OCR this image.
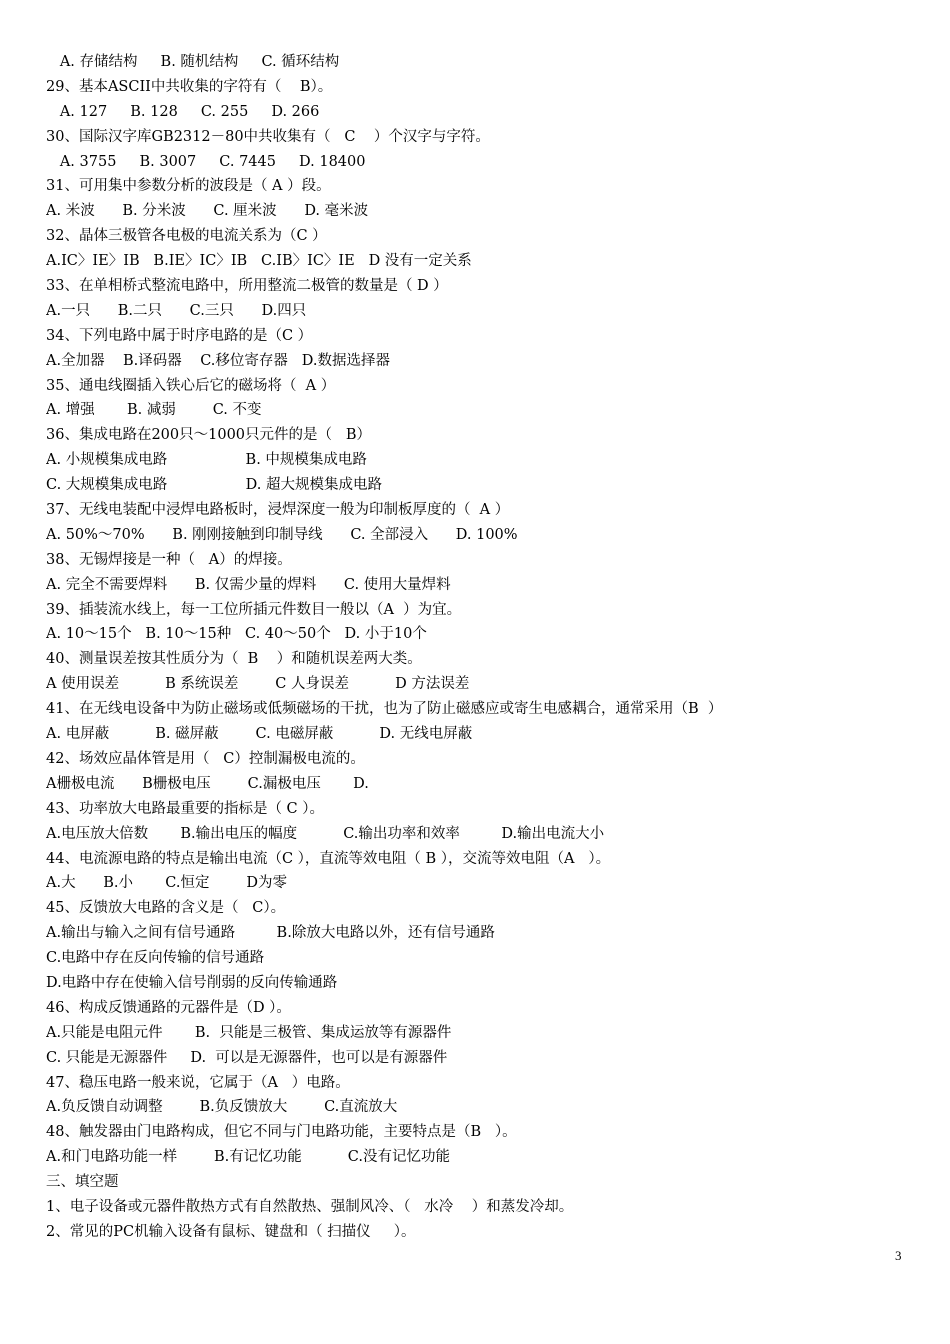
A. 存储结构     B. 随机结构     C. 循环结构
29、基本ASCII中共收集的字符有（    B）。
A. 127     B. 128     C. 255     D. 266
30、国际汉字库GB2312－80中共收集有（   C    ）个汉字与字符。
A. 3755     B. 3007     C. 7445     D. 18400
31、可用集中参数分析的波段是（ A ）段。
A. 米波      B. 分米波      C. 厘米波      D. 毫米波
32、晶体三极管各电极的电流关系为（C ）
A.IC〉IE〉IB   B.IE〉IC〉IB   C.IB〉IC〉IE   D 没有一定关系
33、在单相桥式整流电路中，所用整流二极管的数量是（ D ）
A.一只      B.二只      C.三只      D.四只
34、下列电路中属于时序电路的是（C ）
A.全加器    B.译码器    C.移位寄存器   D.数据选择器
35、通电线圈插入铁心后它的磁场将（  A ）
A. 增强       B. 减弱        C. 不变
36、集成电路在200只～1000只元件的是（   B）
A. 小规模集成电路                 B. 中规模集成电路
C. 大规模集成电路                 D. 超大规模集成电路
37、无线电装配中浸焊电路板时，浸焊深度一般为印制板厚度的（  A ）
A. 50%～70%      B. 刚刚接触到印制导线      C. 全部浸入      D. 100%
38、无锡焊接是一种（   A）的焊接。
A. 完全不需要焊料      B. 仅需少量的焊料      C. 使用大量焊料
39、插装流水线上，每一工位所插元件数目一般以（A  ）为宜。
A. 10～15个   B. 10～15种   C. 40～50个   D. 小于10个
40、测量误差按其性质分为（  B    ）和随机误差两大类。
A 使用误差          B 系统误差        C 人身误差          D 方法误差
41、在无线电设备中为防止磁场或低频磁场的干扰，也为了防止磁感应或寄生电感耦合，通常采用（B  ）
A. 电屏蔽          B. 磁屏蔽        C. 电磁屏蔽          D. 无线电屏蔽
42、场效应晶体管是用（   C）控制漏极电流的。
A栅极电流      B栅极电压        C.漏极电压       D.
43、功率放大电路最重要的指标是（ C ）。
A.电压放大倍数       B.输出电压的幅度          C.输出功率和效率         D.输出电流大小
44、电流源电路的特点是输出电流（C ），直流等效电阻（ B ），交流等效电阻（A   ）。
A.大      B.小       C.恒定        D为零
45、反馈放大电路的含义是（   C）。
A.输出与输入之间有信号通路         B.除放大电路以外，还有信号通路
C.电路中存在反向传输的信号通路
D.电路中存在使输入信号削弱的反向传输通路
46、构成反馈通路的元器件是（D ）。
A.只能是电阻元件       B.  只能是三极管、集成运放等有源器件
C. 只能是无源器件     D.  可以是无源器件，也可以是有源器件
47、稳压电路一般来说，它属于（A   ）电路。
A.负反馈自动调整        B.负反馈放大        C.直流放大
48、触发器由门电路构成，但它不同与门电路功能，主要特点是（B   ）。
A.和门电路功能一样        B.有记忆功能          C.没有记忆功能
三、填空题
1、电子设备或元器件散热方式有自然散热、强制风冷、（   水冷    ）和蒸发冷却。
2、常见的PC机输入设备有鼠标、键盘和（ 扫描仪     ）。
3
